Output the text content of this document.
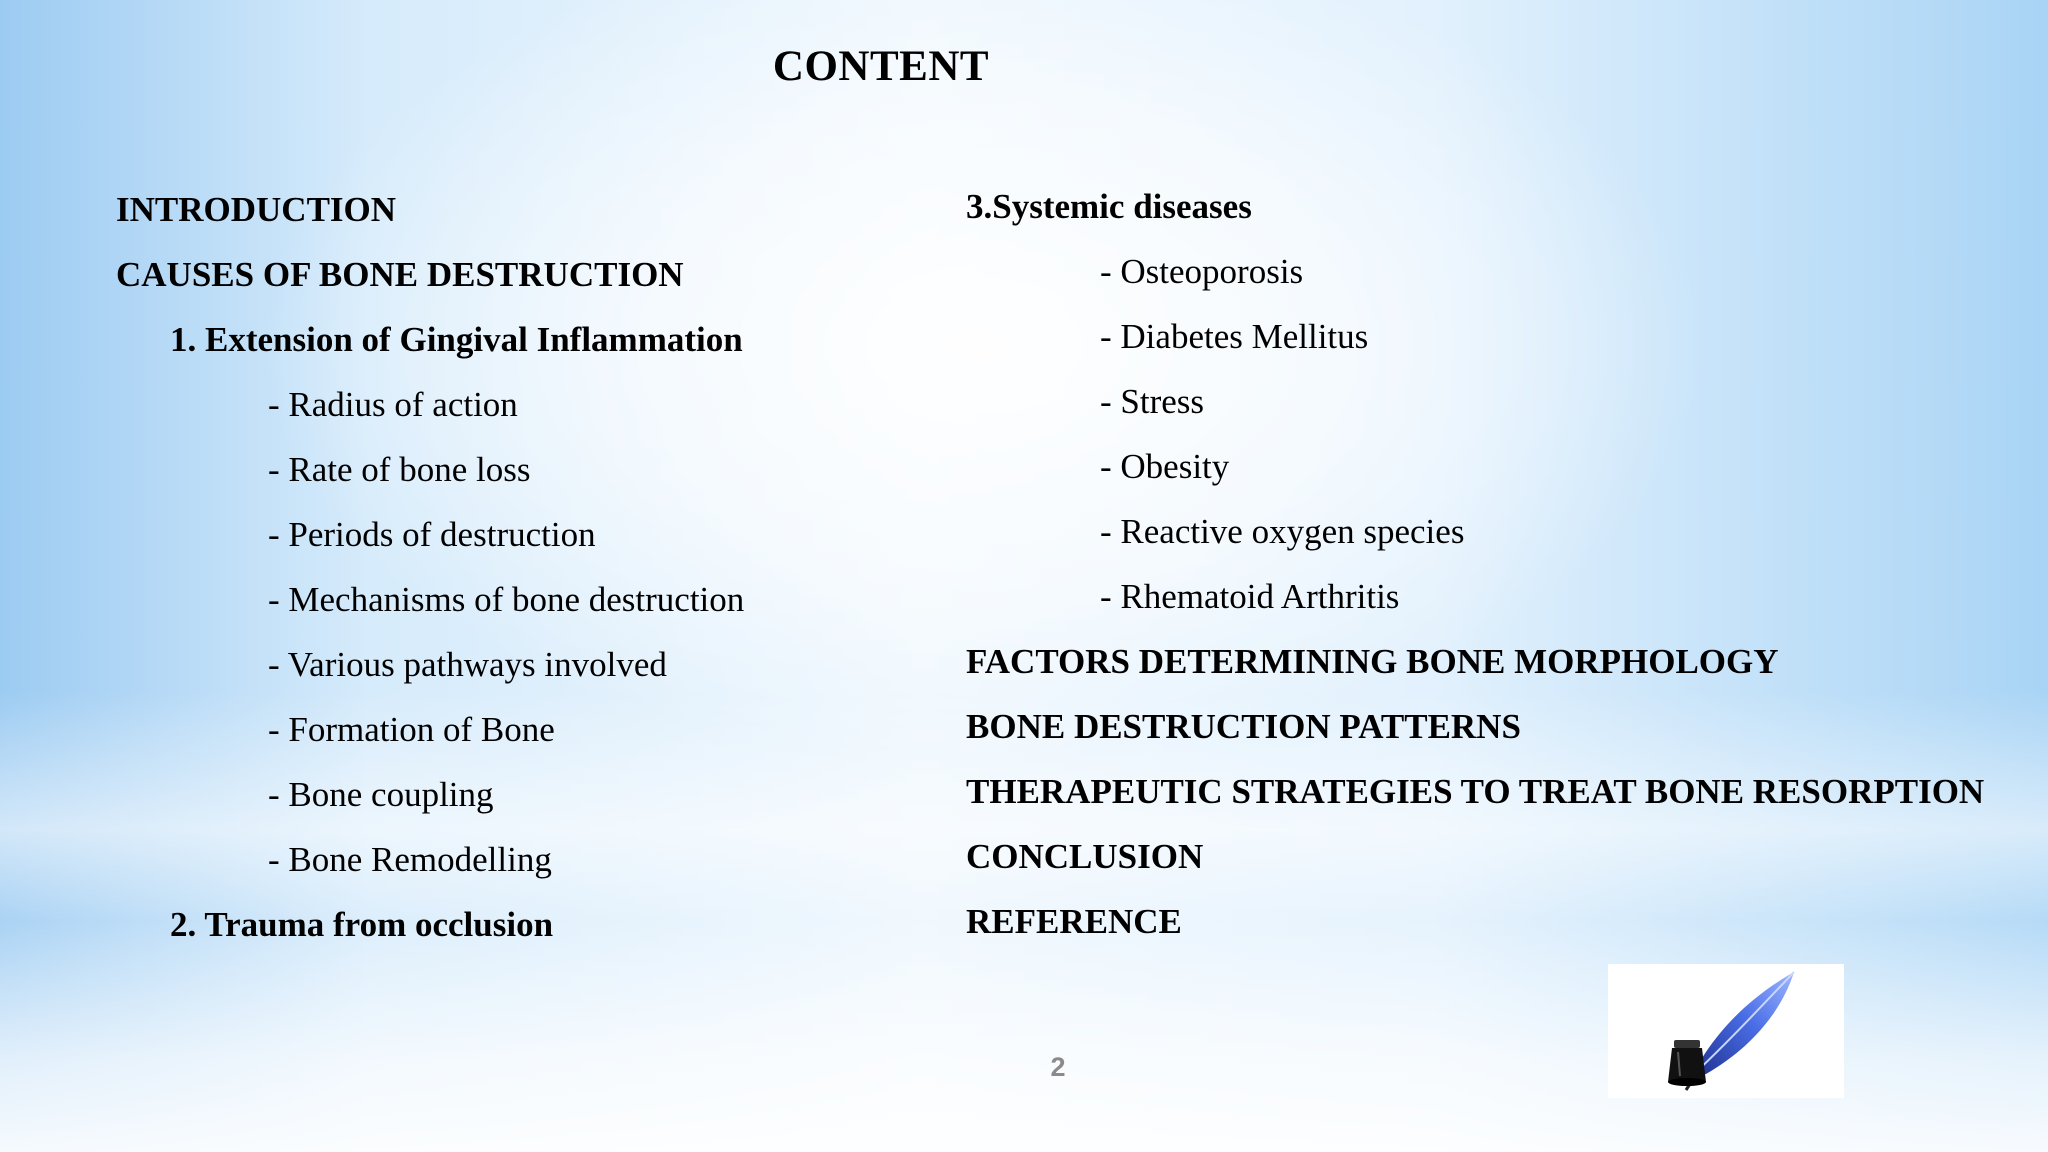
CONTENT
INTRODUCTION
CAUSES OF BONE DESTRUCTION
1. Extension of Gingival Inflammation
- Radius of action
- Rate of bone loss
- Periods of destruction
- Mechanisms of bone destruction
- Various pathways involved
- Formation of Bone
- Bone coupling
- Bone Remodelling
2. Trauma from occlusion
3.Systemic diseases
- Osteoporosis
- Diabetes Mellitus
- Stress
- Obesity
- Reactive oxygen species
- Rhematoid Arthritis
FACTORS DETERMINING BONE MORPHOLOGY
BONE DESTRUCTION PATTERNS
THERAPEUTIC STRATEGIES TO TREAT BONE RESORPTION
CONCLUSION
REFERENCE
2
